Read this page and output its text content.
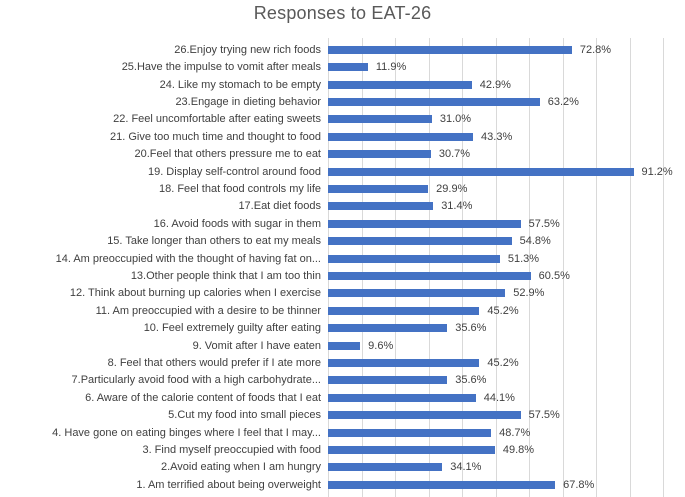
Responses to EAT-26
26.Enjoy trying new rich foods	72.8%
25.Have the impulse to vomit after meals	11.9%
24. Like my stomach to be empty	42.9%
23.Engage in dieting behavior	63.2%
22. Feel uncomfortable after eating sweets	31.0%
21. Give too much time and thought to food	43.3%
20.Feel that others pressure me to eat	30.7%
19. Display self-control around food	91.2%
18. Feel that food controls my life	29.9%
17.Eat diet foods	31.4%
16. Avoid foods with sugar in them	57.5%
15. Take longer than others to eat my meals	54.8%
14. Am preoccupied with the thought of having fat on...	51.3%
13.Other people think that I am too thin	60.5%
12. Think about burning up calories when I exercise	52.9%
11. Am preoccupied with a desire to be thinner	45.2%
10. Feel extremely guilty after eating	35.6%
9. Vomit after I have eaten	9.6%
8. Feel that others would prefer if I ate more	45.2%
7.Particularly avoid food with a high carbohydrate...	35.6%
6. Aware of the calorie content of foods that I eat	44.1%
5.Cut my food into small pieces	57.5%
4. Have gone on eating binges where I feel that I may...	48.7%
3. Find myself preoccupied with food	49.8%
2.Avoid eating when I am hungry	34.1%
1. Am terrified about being overweight	67.8%
